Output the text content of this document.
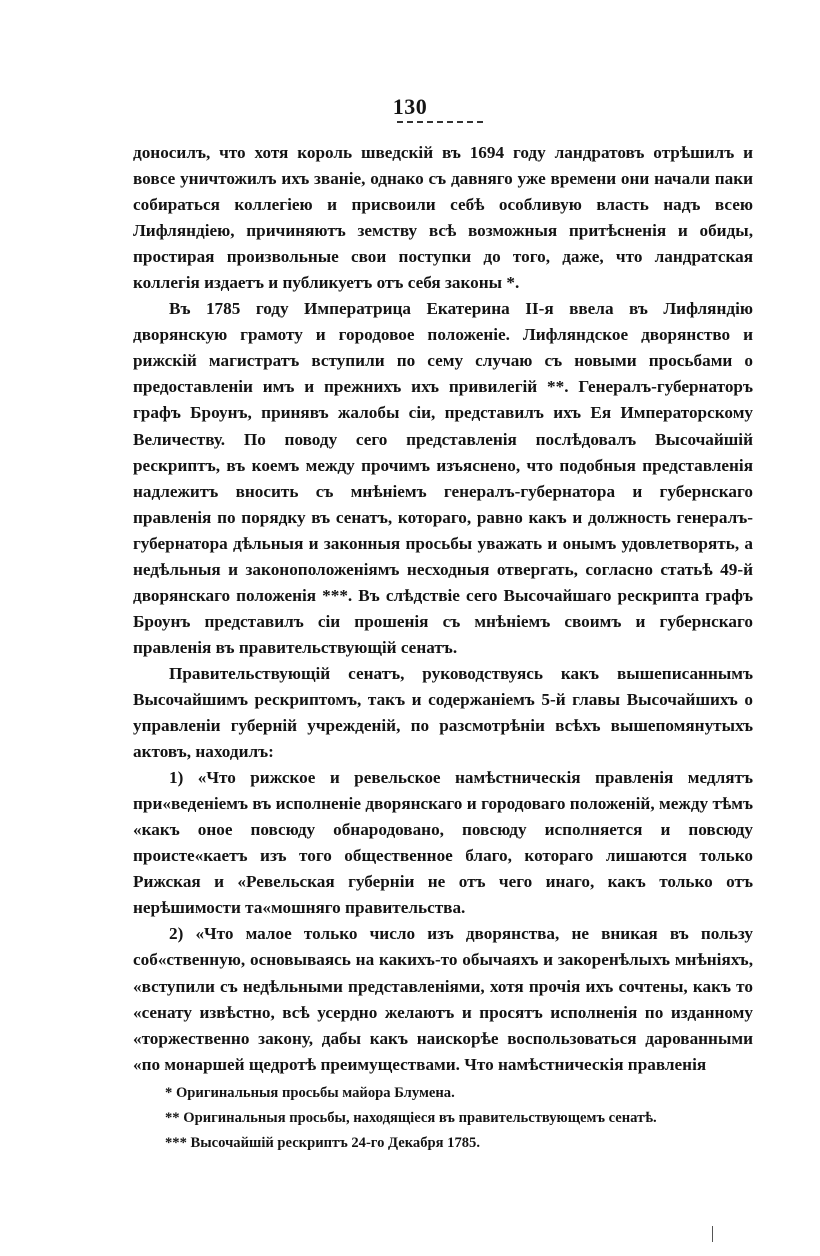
130

доносилъ, что хотя король шведскій въ 1694 году ландратовъ отрѣшилъ и вовсе уничтожилъ ихъ званіе, однако съ давняго уже времени они начали паки собираться коллегіею и присвоили себѣ особливую власть надъ всею Лифляндіею, причиняютъ земству всѣ возможныя притѣсненія и обиды, простирая произвольные свои поступки до того, даже, что ландратская коллегія издаетъ и публикуетъ отъ себя законы *.

Въ 1785 году Императрица Екатерина II-я ввела въ Лифляндію дворянскую грамоту и городовое положеніе. Лифляндское дворянство и рижскій магистратъ вступили по сему случаю съ новыми просьбами о предоставленіи имъ и прежнихъ ихъ привилегій **. Генералъ-губернаторъ графъ Броунъ, принявъ жалобы сіи, представилъ ихъ Ея Императорскому Величеству. По поводу сего представленія послѣдовалъ Высочайшій рескриптъ, въ коемъ между прочимъ изъяснено, что подобныя представленія надлежитъ вносить съ мнѣніемъ генералъ-губернатора и губернскаго правленія по порядку въ сенатъ, котораго, равно какъ и должность генералъ-губернатора дѣльныя и законныя просьбы уважать и онымъ удовлетворять, а недѣльныя и законоположеніямъ несходныя отвергать, согласно статьѣ 49-й дворянскаго положенія ***. Въ слѣдствіе сего Высочайшаго рескрипта графъ Броунъ представилъ сіи прошенія съ мнѣніемъ своимъ и губернскаго правленія въ правительствующій сенатъ.

Правительствующій сенатъ, руководствуясь какъ вышеписаннымъ Высочайшимъ рескриптомъ, такъ и содержаніемъ 5-й главы Высочайшихъ о управленіи губерній учрежденій, по разсмотрѣніи всѣхъ вышепомянутыхъ актовъ, находилъ:

1) «Что рижское и ревельское намѣстническія правленія медлятъ при«веденіемъ въ исполненіе дворянскаго и городоваго положеній, между тѣмъ «какъ оное повсюду обнародовано, повсюду исполняется и повсюду проистe«каетъ изъ того общественное благо, котораго лишаются только Рижская и «Ревельская губерніи не отъ чего инаго, какъ только отъ нерѣшимости та«мошняго правительства.

2) «Что малое только число изъ дворянства, не вникая въ пользу соб«ственную, основываясь на какихъ-то обычаяхъ и закоренѣлыхъ мнѣніяхъ, «вступили съ недѣльными представленіями, хотя прочія ихъ сочтены, какъ то «сенату извѣстно, всѣ усердно желаютъ и просятъ исполненія по изданному «торжественно закону, дабы какъ наискорѣе воспользоваться дарованными «по монаршей щедротѣ преимуществами. Что намѣстническія правленія

* Оригинальныя просьбы майора Блумена.
** Оригинальныя просьбы, находящіеся въ правительствующемъ сенатѣ.
*** Высочайшій рескриптъ 24-го Декабря 1785.
